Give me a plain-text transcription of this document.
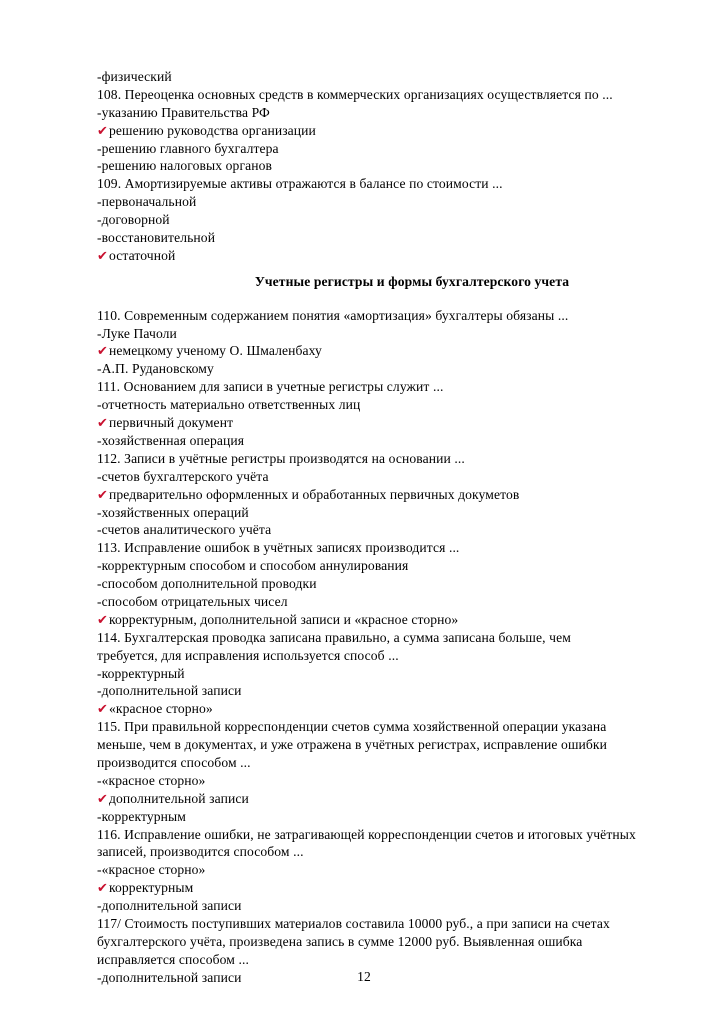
-физический
108. Переоценка основных средств в коммерческих организациях осуществляется по ...
-указанию Правительства РФ
✔решению руководства организации
-решению главного бухгалтера
-решению налоговых органов
109. Амортизируемые активы отражаются в балансе по стоимости ...
-первоначальной
-договорной
-восстановительной
✔остаточной
Учетные регистры и формы бухгалтерского учета
110. Современным содержанием понятия «амортизация» бухгалтеры обязаны ...
-Луке Пачоли
✔немецкому ученому О. Шмаленбаху
-А.П. Рудановскому
111. Основанием для записи в учетные регистры служит ...
-отчетность материально ответственных лиц
✔первичный документ
-хозяйственная операция
112. Записи в учётные регистры производятся на основании ...
-счетов бухгалтерского учёта
✔предварительно оформленных и обработанных первичных докуметов
-хозяйственных операций
-счетов аналитического учёта
113. Исправление ошибок в учётных записях производится ...
-корректурным способом и способом аннулирования
-способом дополнительной проводки
-способом отрицательных чисел
✔корректурным, дополнительной записи и «красное сторно»
114. Бухгалтерская проводка записана правильно, а сумма записана больше, чем
требуется, для исправления используется способ ...
-корректурный
-дополнительной записи
✔«красное сторно»
115. При правильной корреспонденции счетов сумма хозяйственной операции указана
меньше, чем в документах, и уже отражена в учётных регистрах, исправление ошибки
производится способом ...
-«красное сторно»
✔дополнительной записи
-корректурным
116. Исправление ошибки, не затрагивающей корреспонденции счетов и итоговых учётных
записей, производится способом ...
-«красное сторно»
✔корректурным
-дополнительной записи
117/ Стоимость поступивших материалов составила 10000 руб., а при записи на счетах
бухгалтерского учёта, произведена запись в сумме 12000 руб. Выявленная ошибка
исправляется способом ...
-дополнительной записи	12
